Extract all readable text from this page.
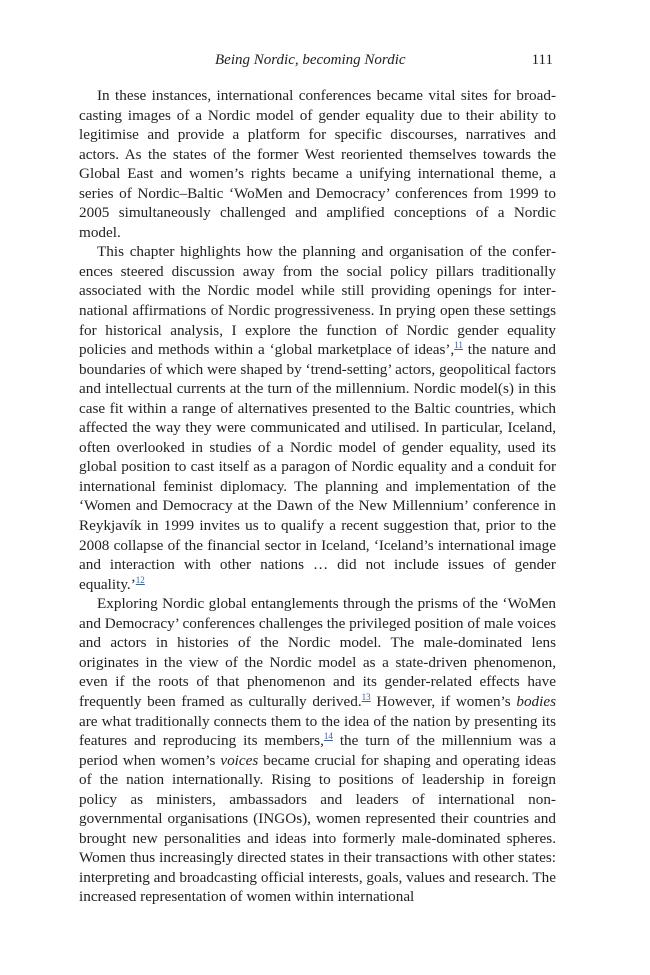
Being Nordic, becoming Nordic	111

In these instances, international conferences became vital sites for broadcasting images of a Nordic model of gender equality due to their ability to legitimise and provide a platform for specific discourses, narratives and actors. As the states of the former West reoriented themselves towards the Global East and women’s rights became a unifying international theme, a series of Nordic–Baltic ‘WoMen and Democracy’ conferences from 1999 to 2005 simultaneously challenged and amplified conceptions of a Nordic model.

This chapter highlights how the planning and organisation of the conferences steered discussion away from the social policy pillars traditionally associated with the Nordic model while still providing openings for international affirmations of Nordic progressiveness. In prying open these settings for historical analysis, I explore the function of Nordic gender equality policies and methods within a ‘global marketplace of ideas’,$^{11}$ the nature and boundaries of which were shaped by ‘trend-setting’ actors, geopolitical factors and intellectual currents at the turn of the millennium. Nordic model(s) in this case fit within a range of alternatives presented to the Baltic countries, which affected the way they were communicated and utilised. In particular, Iceland, often overlooked in studies of a Nordic model of gender equality, used its global position to cast itself as a paragon of Nordic equality and a conduit for international feminist diplomacy. The planning and implementation of the ‘Women and Democracy at the Dawn of the New Millennium’ conference in Reykjavík in 1999 invites us to qualify a recent suggestion that, prior to the 2008 collapse of the financial sector in Iceland, ‘Iceland’s international image and interaction with other nations … did not include issues of gender equality.’$^{12}$

Exploring Nordic global entanglements through the prisms of the ‘WoMen and Democracy’ conferences challenges the privileged position of male voices and actors in histories of the Nordic model. The male-dominated lens originates in the view of the Nordic model as a state-driven phenomenon, even if the roots of that phenomenon and its gender-related effects have frequently been framed as culturally derived.$^{13}$ However, if women’s bodies are what traditionally connects them to the idea of the nation by presenting its features and reproducing its members,$^{14}$ the turn of the millennium was a period when women’s voices became crucial for shaping and operating ideas of the nation internationally. Rising to positions of leadership in foreign policy as ministers, ambassadors and leaders of international non-governmental organisations (INGOs), women represented their countries and brought new personalities and ideas into formerly male-dominated spheres. Women thus increasingly directed states in their transactions with other states: interpreting and broadcasting official interests, goals, values and research. The increased representation of women within international
